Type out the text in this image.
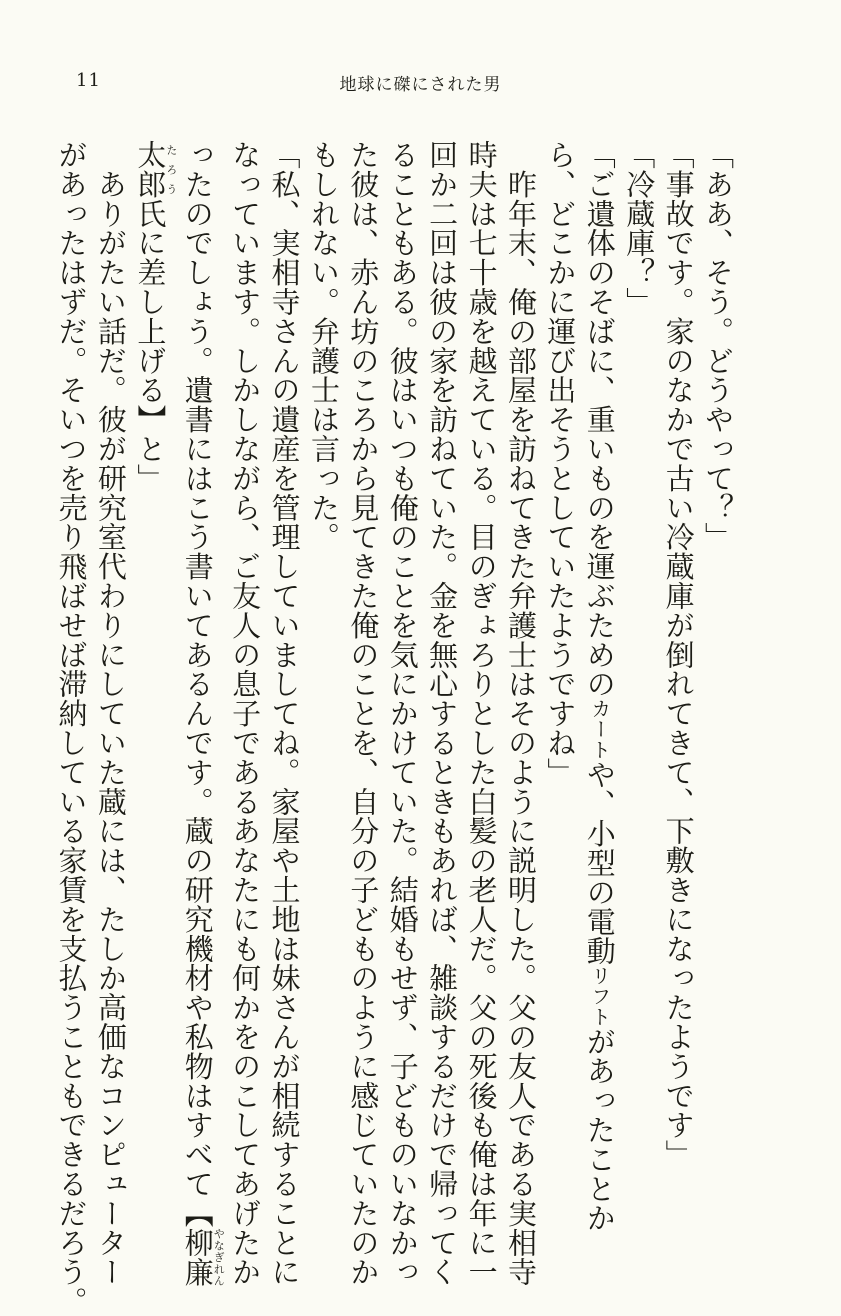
11	地球に磔にされた男
「ああ、そう。どうやって？」
「事故です。家のなかで古い冷蔵庫が倒れてきて、下敷きになったようです」
「冷蔵庫？」
「ご遺体のそばに、重いものを運ぶためのカートや、小型の電動リフトがあったことか
ら、どこかに運び出そうとしていたようですね」
　昨年末、俺の部屋を訪ねてきた弁護士はそのように説明した。父の友人である実相寺
時夫は七十歳を越えている。目のぎょろりとした白髪の老人だ。父の死後も俺は年に一
回か二回は彼の家を訪ねていた。金を無心するときもあれば、雑談するだけで帰ってく
ることもある。彼はいつも俺のことを気にかけていた。結婚もせず、子どものいなかっ
た彼は、赤ん坊のころから見てきた俺のことを、自分の子どものように感じていたのか
もしれない。弁護士は言った。
「私、実相寺さんの遺産を管理していましてね。家屋や土地は妹さんが相続することに
なっています。しかしながら、ご友人の息子であるあなたにも何かをのこしてあげたか
ったのでしょう。遺書にはこう書いてあるんです。蔵の研究機材や私物はすべて【柳廉やなぎれん
太郎たろう氏に差し上げる】と」
　ありがたい話だ。彼が研究室代わりにしていた蔵には、たしか高価なコンピューター
があったはずだ。そいつを売り飛ばせば滞納している家賃を支払うこともできるだろう。
